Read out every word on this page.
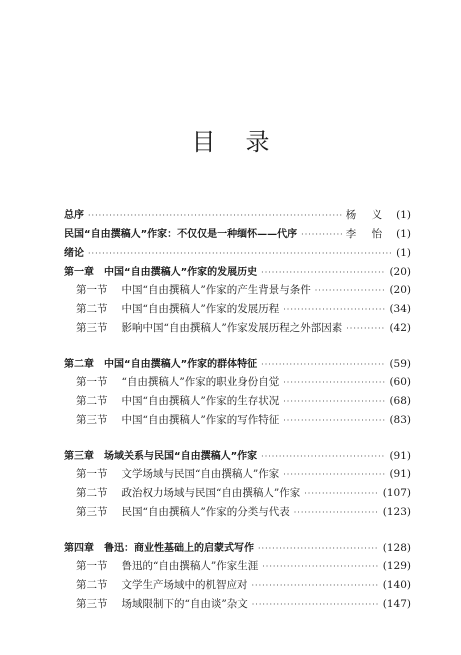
目录
总序 ·····	杨 义 (1)
民国“自由撰稿人”作家：不仅仅是一种缅怀——代序 ·····	李 怡 (1)
绪论 ·····	(1)
第一章　中国“自由撰稿人”作家的发展历史 ·····	(20)
第一节 中国“自由撰稿人”作家的产生背景与条件 ·····	(20)
第二节 中国“自由撰稿人”作家的发展历程 ·····	(34)
第三节 影响中国“自由撰稿人”作家发展历程之外部因素 ·····	(42)
第二章　中国“自由撰稿人”作家的群体特征 ·····	(59)
第一节 “自由撰稿人”作家的职业身份自觉 ·····	(60)
第二节 中国“自由撰稿人”作家的生存状况 ·····	(68)
第三节 中国“自由撰稿人”作家的写作特征 ·····	(83)
第三章　场域关系与民国“自由撰稿人”作家 ·····	(91)
第一节 文学场域与民国“自由撰稿人”作家 ·····	(91)
第二节 政治权力场域与民国“自由撰稿人”作家 ·····	(107)
第三节 民国“自由撰稿人”作家的分类与代表 ·····	(123)
第四章　鲁迅：商业性基础上的启蒙式写作 ·····	(128)
第一节 鲁迅的“自由撰稿人”作家生涯 ·····	(129)
第二节 文学生产场域中的机智应对 ·····	(140)
第三节 场域限制下的“自由谈”杂文 ·····	(147)
